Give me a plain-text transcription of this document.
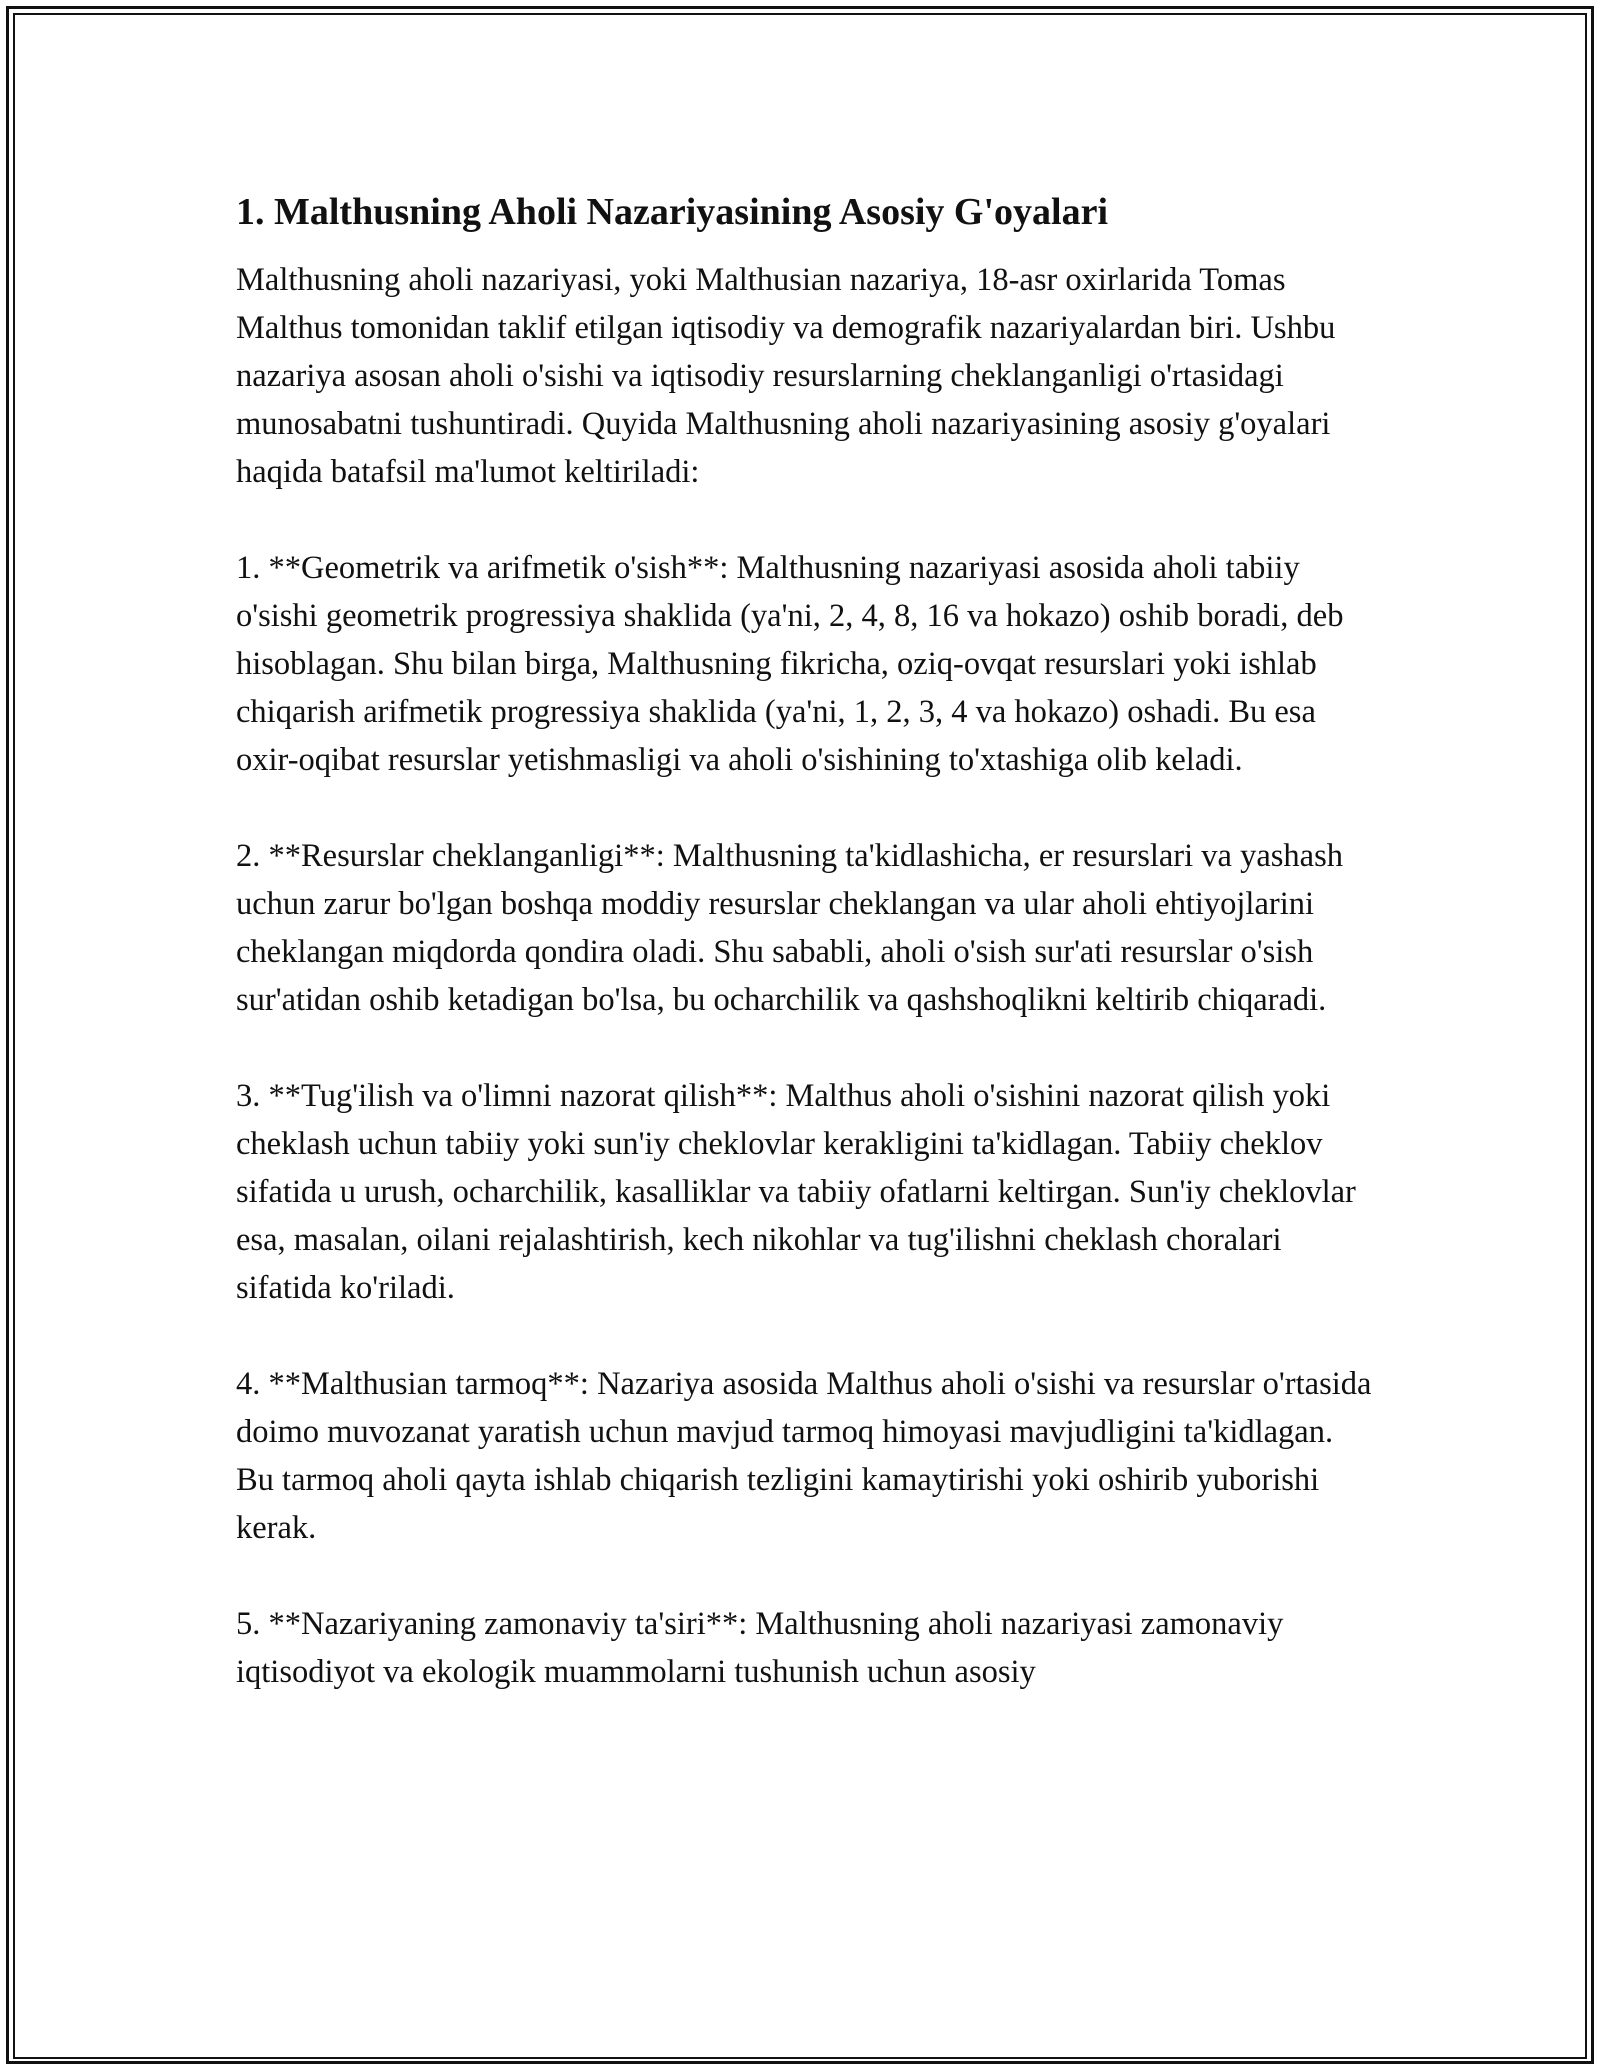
1. Malthusning Aholi Nazariyasining Asosiy G'oyalari

Malthusning aholi nazariyasi, yoki Malthusian nazariya, 18-asr oxirlarida Tomas Malthus tomonidan taklif etilgan iqtisodiy va demografik nazariyalardan biri. Ushbu nazariya asosan aholi o'sishi va iqtisodiy resurslarning cheklanganligi o'rtasidagi munosabatni tushuntiradi. Quyida Malthusning aholi nazariyasining asosiy g'oyalari haqida batafsil ma'lumot keltiriladi:

1. **Geometrik va arifmetik o'sish**: Malthusning nazariyasi asosida aholi tabiiy o'sishi geometrik progressiya shaklida (ya'ni, 2, 4, 8, 16 va hokazo) oshib boradi, deb hisoblagan. Shu bilan birga, Malthusning fikricha, oziq-ovqat resurslari yoki ishlab chiqarish arifmetik progressiya shaklida (ya'ni, 1, 2, 3, 4 va hokazo) oshadi. Bu esa oxir-oqibat resurslar yetishmasligi va aholi o'sishining to'xtashiga olib keladi.

2. **Resurslar cheklanganligi**: Malthusning ta'kidlashicha, er resurslari va yashash uchun zarur bo'lgan boshqa moddiy resurslar cheklangan va ular aholi ehtiyojlarini cheklangan miqdorda qondira oladi. Shu sababli, aholi o'sish sur'ati resurslar o'sish sur'atidan oshib ketadigan bo'lsa, bu ocharchilik va qashshoqlikni keltirib chiqaradi.

3. **Tug'ilish va o'limni nazorat qilish**: Malthus aholi o'sishini nazorat qilish yoki cheklash uchun tabiiy yoki sun'iy cheklovlar kerakligini ta'kidlagan. Tabiiy cheklov sifatida u urush, ocharchilik, kasalliklar va tabiiy ofatlarni keltirgan. Sun'iy cheklovlar esa, masalan, oilani rejalashtirish, kech nikohlar va tug'ilishni cheklash choralari sifatida ko'riladi.

4. **Malthusian tarmoq**: Nazariya asosida Malthus aholi o'sishi va resurslar o'rtasida doimo muvozanat yaratish uchun mavjud tarmoq himoyasi mavjudligini ta'kidlagan. Bu tarmoq aholi qayta ishlab chiqarish tezligini kamaytirishi yoki oshirib yuborishi kerak.

5. **Nazariyaning zamonaviy ta'siri**: Malthusning aholi nazariyasi zamonaviy iqtisodiyot va ekologik muammolarni tushunish uchun asosiy
